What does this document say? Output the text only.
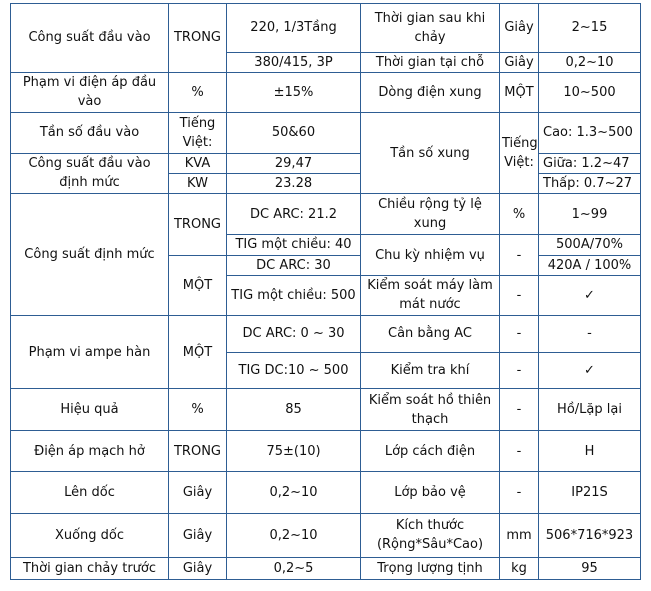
Công suất đầu vào	TRONG	220, 1/3Tầng	Thời gian sau khi chảy	Giây	2~15
		380/415, 3P	Thời gian tại chỗ	Giây	0,2~10
Phạm vi điện áp đầu vào	%	±15%	Dòng điện xung	MỘT	10~500
Tần số đầu vào	Tiếng Việt:	50&60	Tần số xung	Tiếng Việt:	Cao: 1.3~500
Công suất đầu vào định mức	KVA	29,47			Giữa: 1.2~47
	KW	23.28			Thấp: 0.7~27
Công suất định mức	TRONG	DC ARC: 21.2	Chiều rộng tỷ lệ xung	%	1~99
		TIG một chiều: 40	Chu kỳ nhiệm vụ	-	500A/70%
	MỘT	DC ARC: 30			420A / 100%
		TIG một chiều: 500	Kiểm soát máy làm mát nước	-	✓

Phạm vi ampe hàn	MỘT	DC ARC: 0 ~ 30	Cân bằng AC	-	-
		TIG DC:10 ~ 500	Kiểm tra khí	-	✓
Hiệu quả	%	85	Kiểm soát hồ thiên thạch	-	Hồ/Lặp lại
Điện áp mạch hở	TRONG	75±(10)	Lớp cách điện	-	H
Lên dốc	Giây	0,2~10	Lớp bảo vệ	-	IP21S
Xuống dốc	Giây	0,2~10	Kích thước (Rộng*Sâu*Cao)	mm	506*716*923
Thời gian chảy trước	Giây	0,2~5	Trọng lượng tịnh	kg	95
